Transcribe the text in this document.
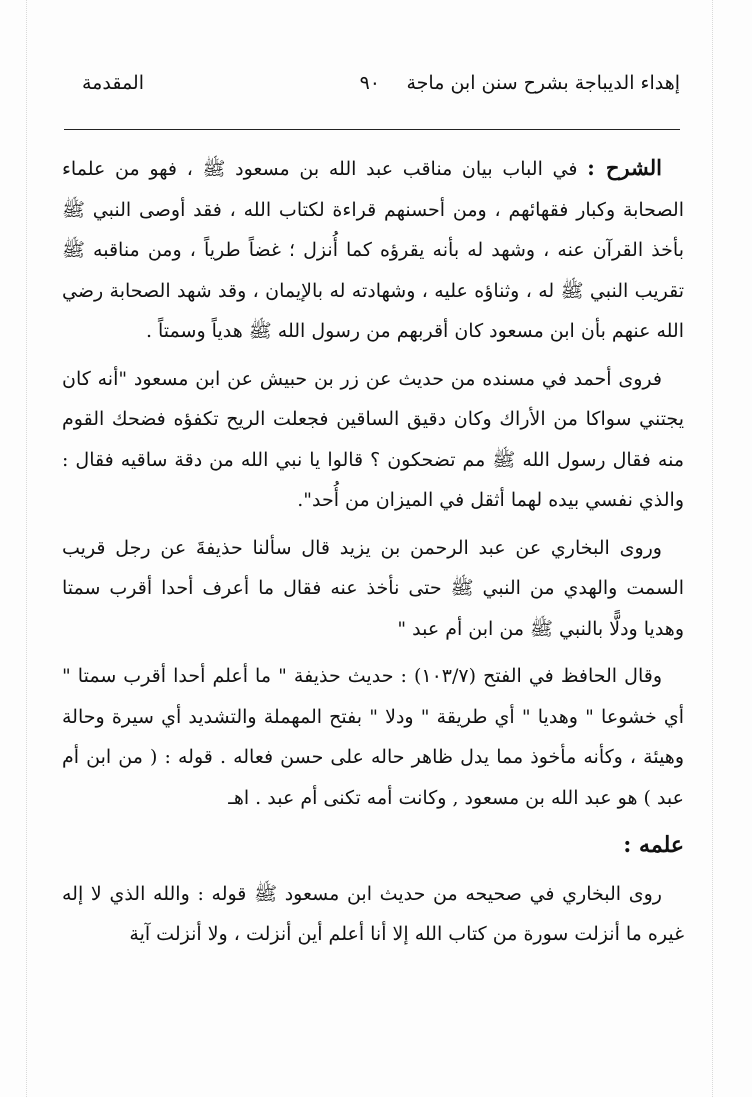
إهداء الديباجة بشرح سنن ابن ماجة
٩٠
المقدمة

الشرح : في الباب بيان مناقب عبد الله بن مسعود ﷺ ، فهو من علماء الصحابة وكبار فقهائهم ، ومن أحسنهم قراءة لكتاب الله ، فقد أوصى النبي ﷺ بأخذ القرآن عنه ، وشهد له بأنه يقرؤه كما أُنزل ؛ غضاً طرياً ، ومن مناقبه ﷺ تقريب النبي ﷺ له ، وثناؤه عليه ، وشهادته له بالإيمان ، وقد شهد الصحابة رضي الله عنهم بأن ابن مسعود كان أقربهم من رسول الله ﷺ هدياً وسمتاً .

فروى أحمد في مسنده من حديث عن زر بن حبيش عن ابن مسعود "أنه كان يجتني سواكا من الأراك وكان دقيق الساقين فجعلت الريح تكفؤه فضحك القوم منه فقال رسول الله ﷺ مم تضحكون ؟ قالوا يا نبي الله من دقة ساقيه فقال : والذي نفسي بيده لهما أثقل في الميزان من أُحد".

وروى البخاري عن عبد الرحمن بن يزيد قال سألنا حذيفةَ عن رجل قريب السمت والهدي من النبي ﷺ حتى نأخذ عنه فقال ما أعرف أحدا أقرب سمتا وهديا ودلًّا بالنبي ﷺ من ابن أم عبد "

وقال الحافظ في الفتح (١٠٣/٧) : حديث حذيفة " ما أعلم أحدا أقرب سمتا " أي خشوعا " وهديا " أي طريقة " ودلا " بفتح المهملة والتشديد أي سيرة وحالة وهيئة ، وكأنه مأخوذ مما يدل ظاهر حاله على حسن فعاله . قوله : ( من ابن أم عبد ) هو عبد الله بن مسعود , وكانت أمه تكنى أم عبد . اهـ

علمه :

روى البخاري في صحيحه من حديث ابن مسعود ﷺ قوله : والله الذي لا إله غيره ما أنزلت سورة من كتاب الله إلا أنا أعلم أين أنزلت ، ولا أنزلت آية
